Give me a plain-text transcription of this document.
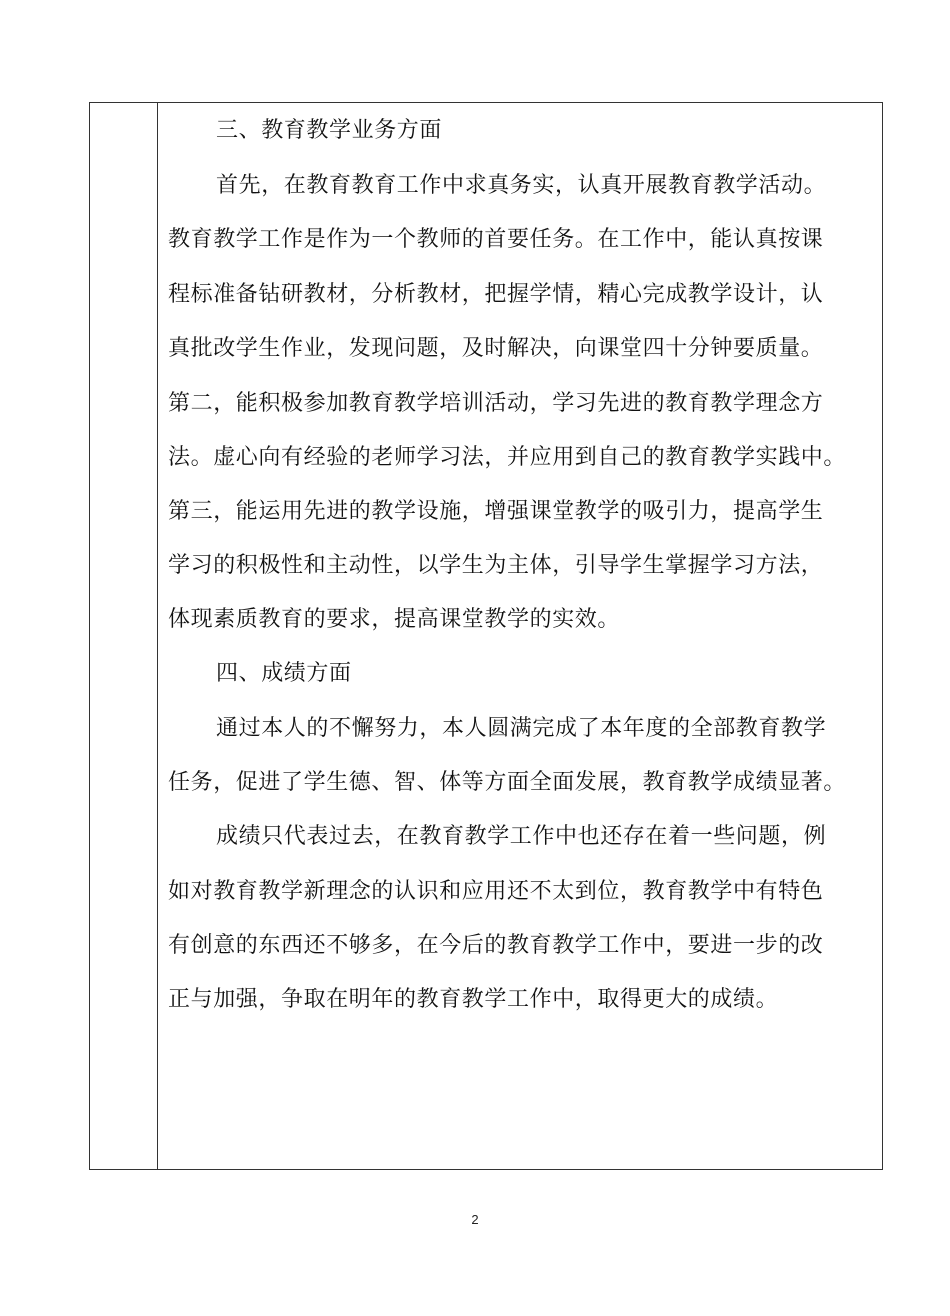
三、教育教学业务方面
首先，在教育教育工作中求真务实，认真开展教育教学活动。
教育教学工作是作为一个教师的首要任务。在工作中，能认真按课
程标准备钻研教材，分析教材，把握学情，精心完成教学设计，认
真批改学生作业，发现问题，及时解决，向课堂四十分钟要质量。
第二，能积极参加教育教学培训活动，学习先进的教育教学理念方
法。虚心向有经验的老师学习法，并应用到自己的教育教学实践中。
第三，能运用先进的教学设施，增强课堂教学的吸引力，提高学生
学习的积极性和主动性，以学生为主体，引导学生掌握学习方法，
体现素质教育的要求，提高课堂教学的实效。
四、成绩方面
通过本人的不懈努力，本人圆满完成了本年度的全部教育教学
任务，促进了学生德、智、体等方面全面发展，教育教学成绩显著。
成绩只代表过去，在教育教学工作中也还存在着一些问题，例
如对教育教学新理念的认识和应用还不太到位，教育教学中有特色
有创意的东西还不够多，在今后的教育教学工作中，要进一步的改
正与加强，争取在明年的教育教学工作中，取得更大的成绩。
2
